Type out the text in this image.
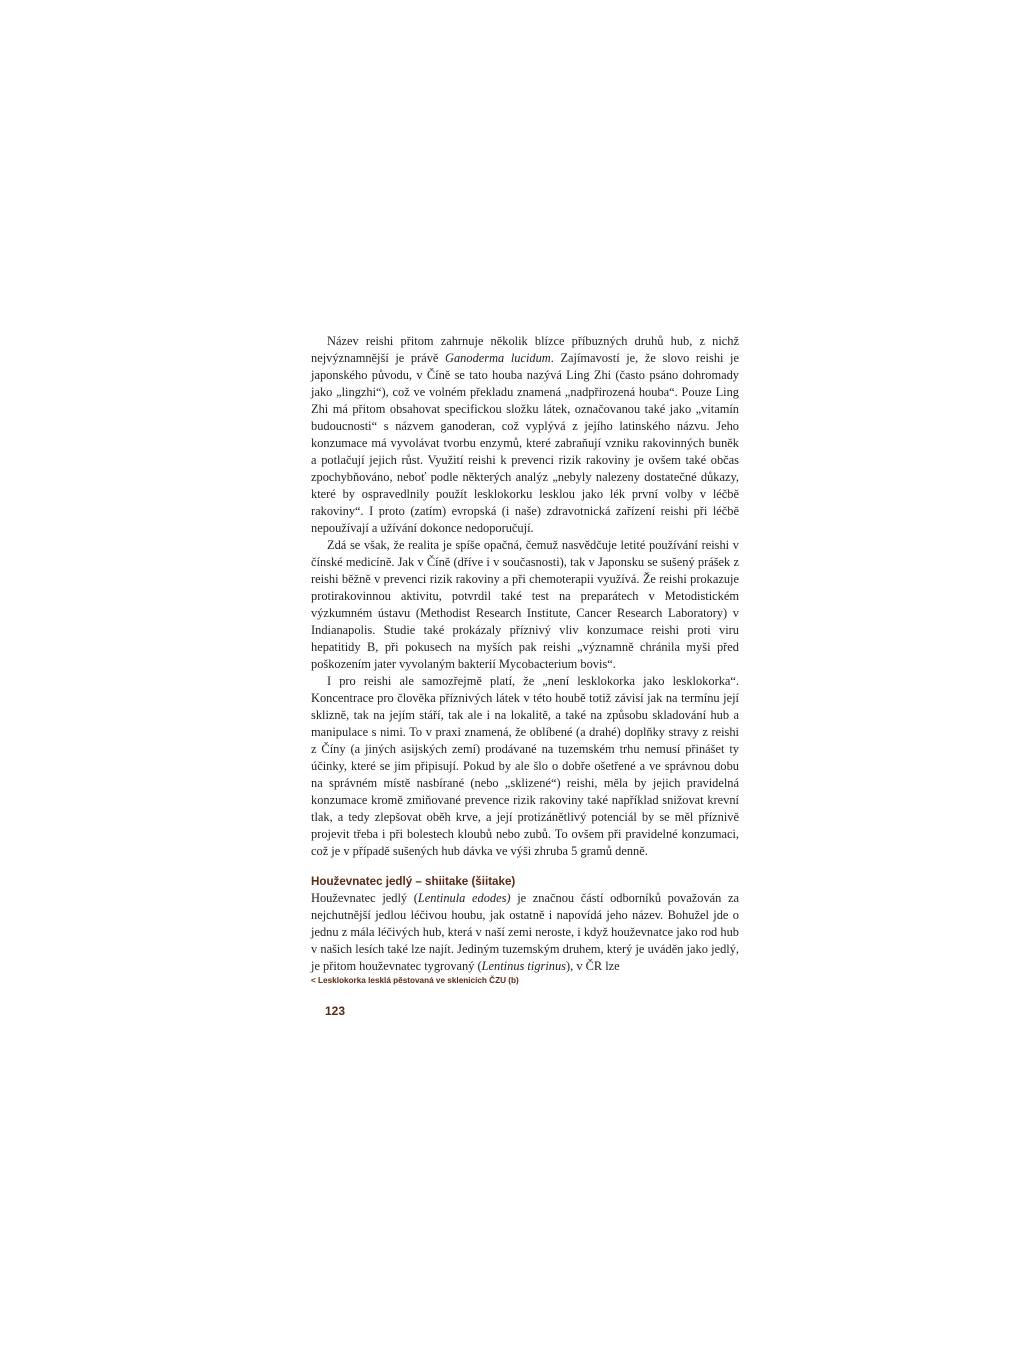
Název reishi přitom zahrnuje několik blízce příbuzných druhů hub, z nichž nejvýznamnější je právě Ganoderma lucidum. Zajímavostí je, že slovo reishi je japonského původu, v Číně se tato houba nazývá Ling Zhi (často psáno dohromady jako „lingzhi“), což ve volném překladu znamená „nadpřirozená houba“. Pouze Ling Zhi má přitom obsahovat specifickou složku látek, označovanou také jako „vitamín budoucnosti“ s názvem ganoderan, což vyplývá z jejího latinského názvu. Jeho konzumace má vyvolávat tvorbu enzymů, které zabraňují vzniku rakovinných buněk a potlačují jejich růst. Využití reishi k prevenci rizik rakoviny je ovšem také občas zpochybňováno, neboť podle některých analýz „nebyly nalezeny dostatečné důkazy, které by ospravedlnily použít lesklokorku lesklou jako lék první volby v léčbě rakoviny“. I proto (zatím) evropská (i naše) zdravotnická zařízení reishi při léčbě nepoužívají a užívání dokonce nedoporučují.

Zdá se však, že realita je spíše opačná, čemuž nasvědčuje letité používání reishi v čínské medicíně. Jak v Číně (dříve i v současnosti), tak v Japonsku se sušený prášek z reishi běžně v prevenci rizik rakoviny a při chemoterapii využívá. Že reishi prokazuje protirakovinnou aktivitu, potvrdil také test na preparátech v Metodistickém výzkumném ústavu (Methodist Research Institute, Cancer Research Laboratory) v Indianapolis. Studie také prokázaly příznivý vliv konzumace reishi proti viru hepatitidy B, při pokusech na myších pak reishi „významně chránila myši před poškozením jater vyvolaným bakterií Mycobacterium bovis“.

I pro reishi ale samozřejmě platí, že „není lesklokorka jako lesklokorka“. Koncentrace pro člověka příznivých látek v této houbě totiž závisí jak na termínu její sklizně, tak na jejím stáří, tak ale i na lokalitě, a také na způsobu skladování hub a manipulace s nimi. To v praxi znamená, že oblíbené (a drahé) doplňky stravy z reishi z Číny (a jiných asijských zemí) prodávané na tuzemském trhu nemusí přinášet ty účinky, které se jim připisují. Pokud by ale šlo o dobře ošetřené a ve správnou dobu na správném místě nasbírané (nebo „sklizené“) reishi, měla by jejich pravidelná konzumace kromě zmiňované prevence rizik rakoviny také například snižovat krevní tlak, a tedy zlepšovat oběh krve, a její protizánětlivý potenciál by se měl příznivě projevit třeba i při bolestech kloubů nebo zubů. To ovšem při pravidelné konzumaci, což je v případě sušených hub dávka ve výši zhruba 5 gramů denně.

Houževnatec jedlý – shiitake (šiitake)

Houževnatec jedlý (Lentinula edodes) je značnou částí odborníků považován za nejchutnější jedlou léčivou houbu, jak ostatně i napovídá jeho název. Bohužel jde o jednu z mála léčivých hub, která v naší zemi neroste, i když houževnatce jako rod hub v našich lesích také lze najít. Jediným tuzemským druhem, který je uváděn jako jedlý, je přitom houževnatec tygrovaný (Lentinus tigrinus), v ČR lze

< Lesklokorka lesklá pěstovaná ve sklenicích ČZU (b)
123
